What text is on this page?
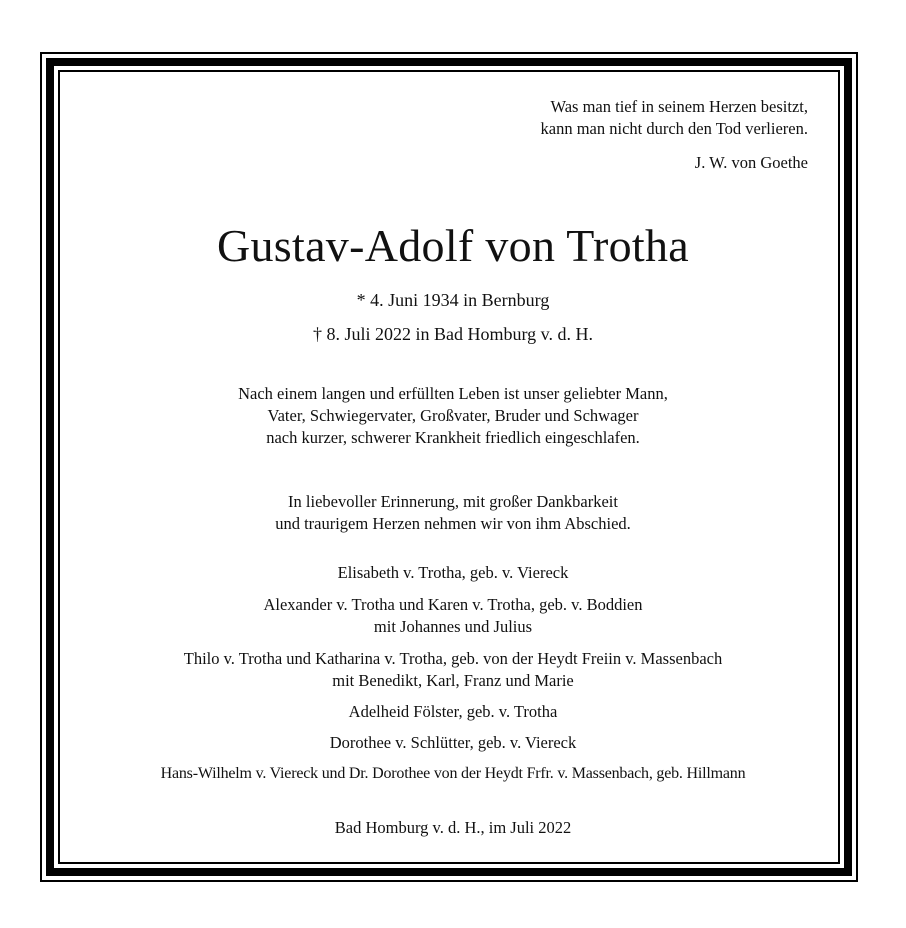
Was man tief in seinem Herzen besitzt,
kann man nicht durch den Tod verlieren.
J. W. von Goethe
Gustav-Adolf von Trotha
* 4. Juni 1934 in Bernburg
† 8. Juli 2022 in Bad Homburg v. d. H.
Nach einem langen und erfüllten Leben ist unser geliebter Mann,
Vater, Schwiegervater, Großvater, Bruder und Schwager
nach kurzer, schwerer Krankheit friedlich eingeschlafen.
In liebevoller Erinnerung, mit großer Dankbarkeit
und traurigem Herzen nehmen wir von ihm Abschied.
Elisabeth v. Trotha, geb. v. Viereck
Alexander v. Trotha und Karen v. Trotha, geb. v. Boddien
mit Johannes und Julius
Thilo v. Trotha und Katharina v. Trotha, geb. von der Heydt Freiin v. Massenbach
mit Benedikt, Karl, Franz und Marie
Adelheid Fölster, geb. v. Trotha
Dorothee v. Schlütter, geb. v. Viereck
Hans-Wilhelm v. Viereck und Dr. Dorothee von der Heydt Frfr. v. Massenbach, geb. Hillmann
Bad Homburg v. d. H., im Juli 2022
